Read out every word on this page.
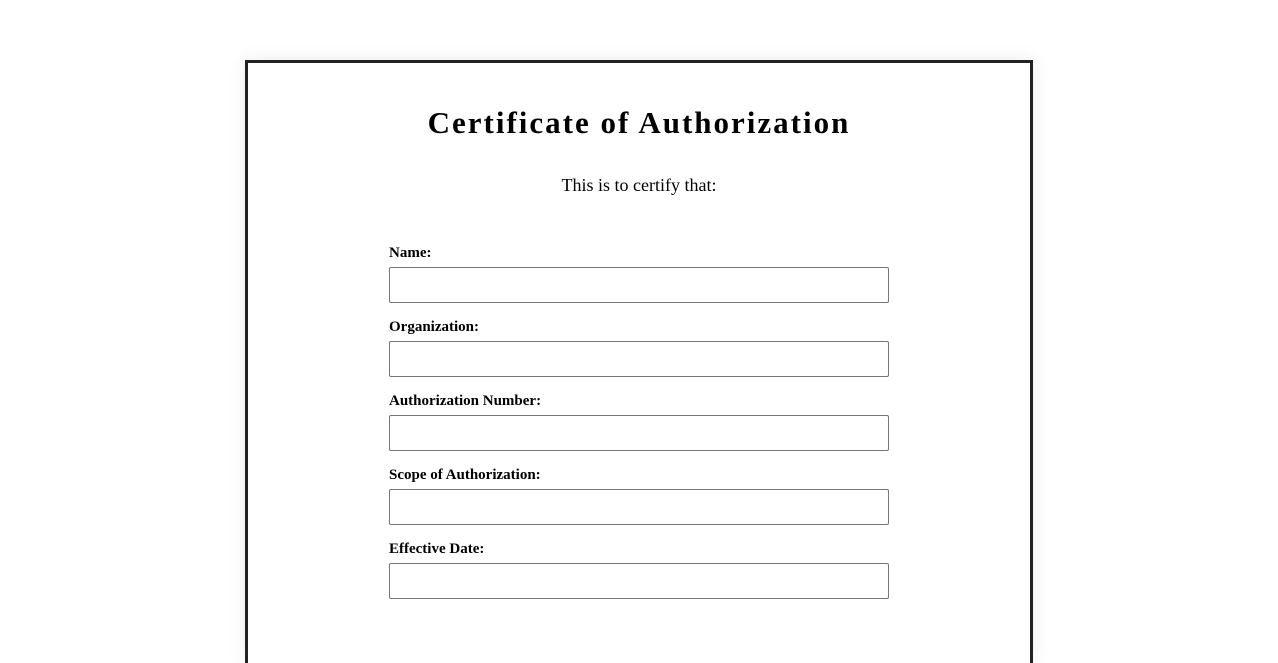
Certificate of Authorization

This is to certify that:

Name:
Organization:
Authorization Number:
Scope of Authorization:
Effective Date:
